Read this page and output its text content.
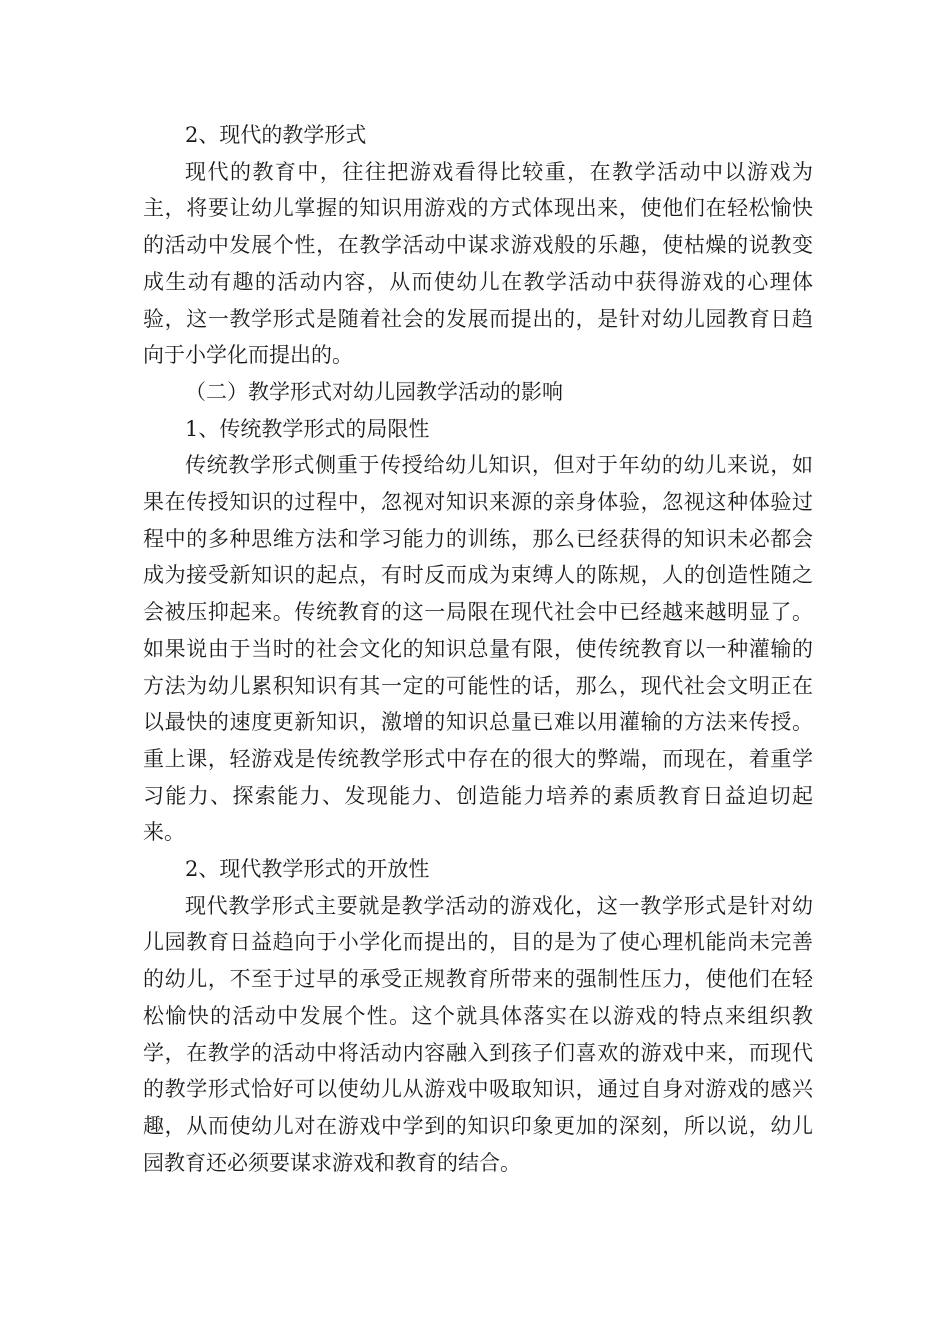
2、现代的教学形式

现代的教育中，往往把游戏看得比较重，在教学活动中以游戏为主，将要让幼儿掌握的知识用游戏的方式体现出来，使他们在轻松愉快的活动中发展个性，在教学活动中谋求游戏般的乐趣，使枯燥的说教变成生动有趣的活动内容，从而使幼儿在教学活动中获得游戏的心理体验，这一教学形式是随着社会的发展而提出的，是针对幼儿园教育日趋向于小学化而提出的。

（二）教学形式对幼儿园教学活动的影响

1、传统教学形式的局限性

传统教学形式侧重于传授给幼儿知识，但对于年幼的幼儿来说，如果在传授知识的过程中，忽视对知识来源的亲身体验，忽视这种体验过程中的多种思维方法和学习能力的训练，那么已经获得的知识未必都会成为接受新知识的起点，有时反而成为束缚人的陈规，人的创造性随之会被压抑起来。传统教育的这一局限在现代社会中已经越来越明显了。如果说由于当时的社会文化的知识总量有限，使传统教育以一种灌输的方法为幼儿累积知识有其一定的可能性的话，那么，现代社会文明正在以最快的速度更新知识，激增的知识总量已难以用灌输的方法来传授。重上课，轻游戏是传统教学形式中存在的很大的弊端，而现在，着重学习能力、探索能力、发现能力、创造能力培养的素质教育日益迫切起来。

2、现代教学形式的开放性

现代教学形式主要就是教学活动的游戏化，这一教学形式是针对幼儿园教育日益趋向于小学化而提出的，目的是为了使心理机能尚未完善的幼儿，不至于过早的承受正规教育所带来的强制性压力，使他们在轻松愉快的活动中发展个性。这个就具体落实在以游戏的特点来组织教学，在教学的活动中将活动内容融入到孩子们喜欢的游戏中来，而现代的教学形式恰好可以使幼儿从游戏中吸取知识，通过自身对游戏的感兴趣，从而使幼儿对在游戏中学到的知识印象更加的深刻，所以说，幼儿园教育还必须要谋求游戏和教育的结合。
